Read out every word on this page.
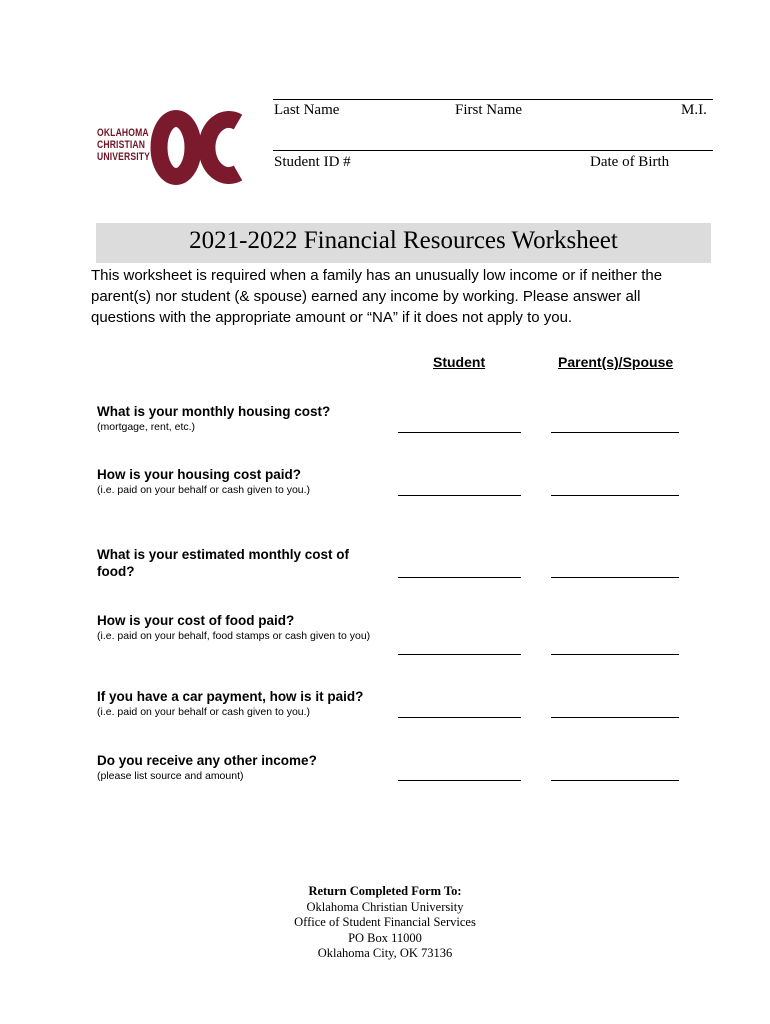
OKLAHOMA
CHRISTIAN
UNIVERSITY
Last Name	First Name	M.I.
Student ID #	Date of Birth
2021-2022 Financial Resources Worksheet
This worksheet is required when a family has an unusually low income or if neither the parent(s) nor student (& spouse) earned any income by working. Please answer all questions with the appropriate amount or “NA” if it does not apply to you.
Student	Parent(s)/Spouse
What is your monthly housing cost?
(mortgage, rent, etc.)
How is your housing cost paid?
(i.e. paid on your behalf or cash given to you.)
What is your estimated monthly cost of food?
How is your cost of food paid?
(i.e. paid on your behalf, food stamps or cash given to you)
If you have a car payment, how is it paid?
(i.e. paid on your behalf or cash given to you.)
Do you receive any other income?
(please list source and amount)
Return Completed Form To:
Oklahoma Christian University
Office of Student Financial Services
PO Box 11000
Oklahoma City, OK 73136
